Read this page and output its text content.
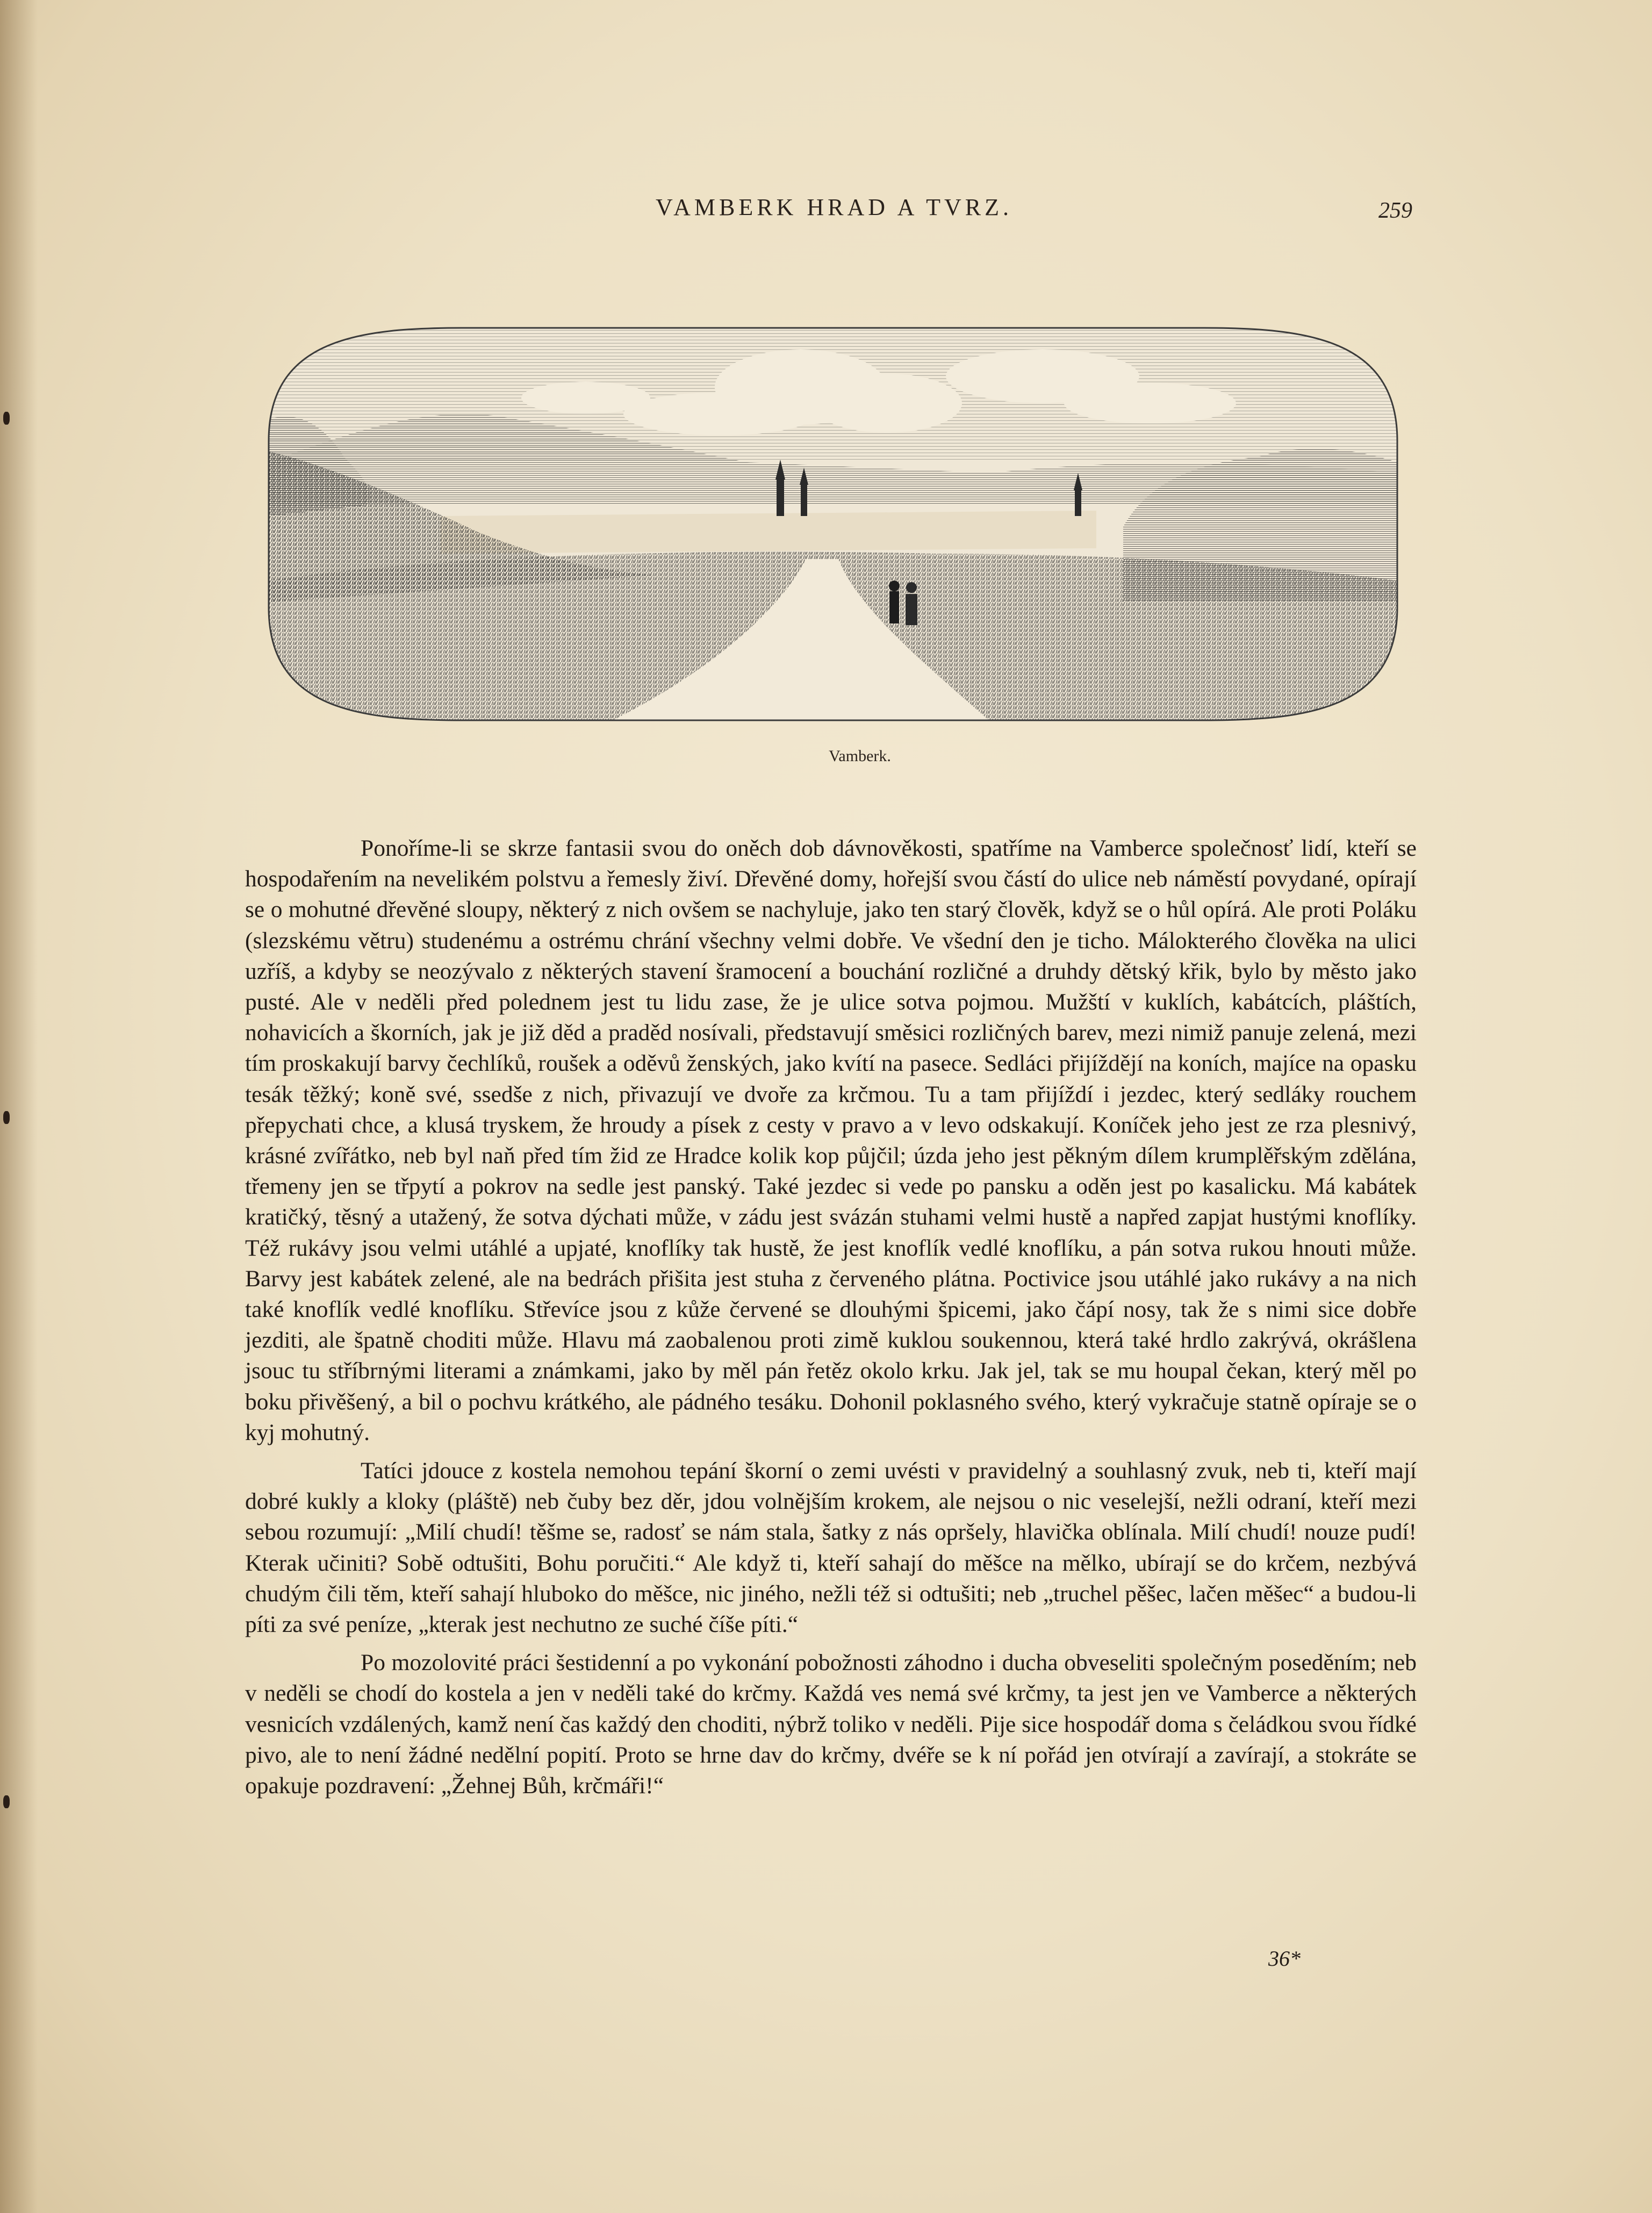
VAMBERK HRAD A TVRZ.	259
Vamberk.

Ponoříme-li se skrze fantasii svou do oněch dob dávnověkosti, spatříme na Vamberce společnosť lidí, kteří se hospodařením na nevelikém polstvu a řemesly živí. Dřevěné domy, hořejší svou částí do ulice neb náměstí povydané, opírají se o mohutné dřevěné sloupy, některý z nich ovšem se nachyluje, jako ten starý člověk, když se o hůl opírá. Ale proti Poláku (slezskému větru) studenému a ostrému chrání všechny velmi dobře. Ve všední den je ticho. Málokterého člověka na ulici uzříš, a kdyby se neozývalo z některých stavení šramocení a bouchání rozličné a druhdy dětský křik, bylo by město jako pusté. Ale v neděli před polednem jest tu lidu zase, že je ulice sotva pojmou. Mužští v kuklích, kabátcích, pláštích, nohavicích a škorních, jak je již děd a praděd nosívali, představují směsici rozličných barev, mezi nimiž panuje zelená, mezi tím proskakují barvy čechlíků, roušek a oděvů ženských, jako kvítí na pasece. Sedláci přijíždějí na koních, majíce na opasku tesák těžký; koně své, ssedše z nich, přivazují ve dvoře za krčmou. Tu a tam přijíždí i jezdec, který sedláky rouchem přepychati chce, a klusá tryskem, že hroudy a písek z cesty v pravo a v levo odskakují. Koníček jeho jest ze rza plesnivý, krásné zvířátko, neb byl naň před tím žid ze Hradce kolik kop půjčil; úzda jeho jest pěkným dílem krumplěřským zdělána, třemeny jen se třpytí a pokrov na sedle jest panský. Také jezdec si vede po pansku a oděn jest po kasalicku. Má kabátek kratičký, těsný a utažený, že sotva dýchati může, v zádu jest svázán stuhami velmi hustě a napřed zapjat hustými knoflíky. Též rukávy jsou velmi utáhlé a upjaté, knoflíky tak hustě, že jest knoflík vedlé knoflíku, a pán sotva rukou hnouti může. Barvy jest kabátek zelené, ale na bedrách přišita jest stuha z červeného plátna. Poctivice jsou utáhlé jako rukávy a na nich také knoflík vedlé knoflíku. Střevíce jsou z kůže červené se dlouhými špicemi, jako čápí nosy, tak že s nimi sice dobře jezditi, ale špatně choditi může. Hlavu má zaobalenou proti zimě kuklou soukennou, která také hrdlo zakrývá, okrášlena jsouc tu stříbrnými literami a známkami, jako by měl pán řetěz okolo krku. Jak jel, tak se mu houpal čekan, který měl po boku přivěšený, a bil o pochvu krátkého, ale pádného tesáku. Dohonil poklasného svého, který vykračuje statně opíraje se o kyj mohutný.

Tatíci jdouce z kostela nemohou tepání škorní o zemi uvésti v pravidelný a souhlasný zvuk, neb ti, kteří mají dobré kukly a kloky (pláště) neb čuby bez děr, jdou volnějším krokem, ale nejsou o nic veselejší, nežli odraní, kteří mezi sebou rozumují: „Milí chudí! těšme se, radosť se nám stala, šatky z nás opršely, hlavička oblínala. Milí chudí! nouze pudí! Kterak učiniti? Sobě odtušiti, Bohu poručiti.“ Ale když ti, kteří sahají do měšce na mělko, ubírají se do krčem, nezbývá chudým čili těm, kteří sahají hluboko do měšce, nic jiného, nežli též si odtušiti; neb „truchel pěšec, lačen měšec“ a budou-li píti za své peníze, „kterak jest nechutno ze suché číše píti.“

Po mozolovité práci šestidenní a po vykonání pobožnosti záhodno i ducha obveseliti společným poseděním; neb v neděli se chodí do kostela a jen v neděli také do krčmy. Každá ves nemá své krčmy, ta jest jen ve Vamberce a některých vesnicích vzdálených, kamž není čas každý den choditi, nýbrž toliko v neděli. Pije sice hospodář doma s čeládkou svou řídké pivo, ale to není žádné nedělní popití. Proto se hrne dav do krčmy, dvéře se k ní pořád jen otvírají a zavírají, a stokráte se opakuje pozdravení: „Žehnej Bůh, krčmáři!“

36*
